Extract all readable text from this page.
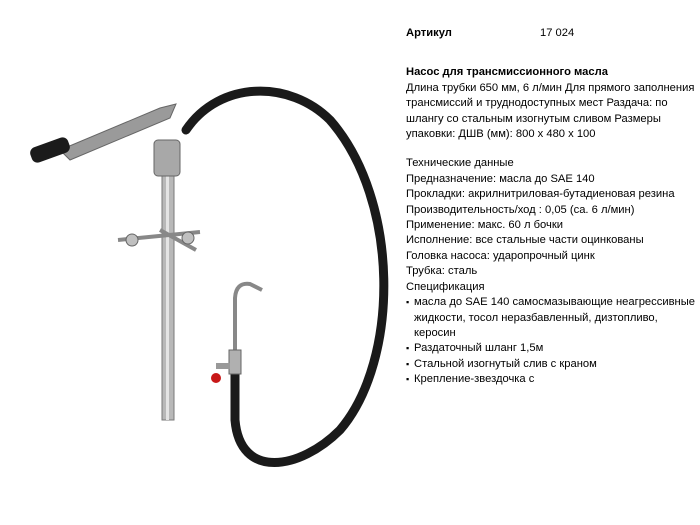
Артикул	17 024
Насос для трансмиссионного масла

Длина трубки 650 мм, 6 л/мин Для прямого заполнения трансмиссий и труднодоступных мест Раздача: по шлангу со стальным изогнутым сливом Размеры упаковки: ДШВ (мм): 800 х 480 х 100

Технические данные
Предназначение: масла до SAE 140
Прокладки: акрилнитриловая-бутадиеновая резина
Производительность/ход : 0,05 (ca. 6 л/мин)
Применение: макс. 60 л бочки
Исполнение: все стальные части оцинкованы
Головка насоса: ударопрочный цинк
Трубка: сталь
Спецификация
▪ масла до SAE 140 самосмазывающие неагрессивные жидкости, тосол неразбавленный, дизтопливо, керосин
▪ Раздаточный шланг 1,5м
▪ Стальной изогнутый слив с краном
▪ Крепление-звездочка с
